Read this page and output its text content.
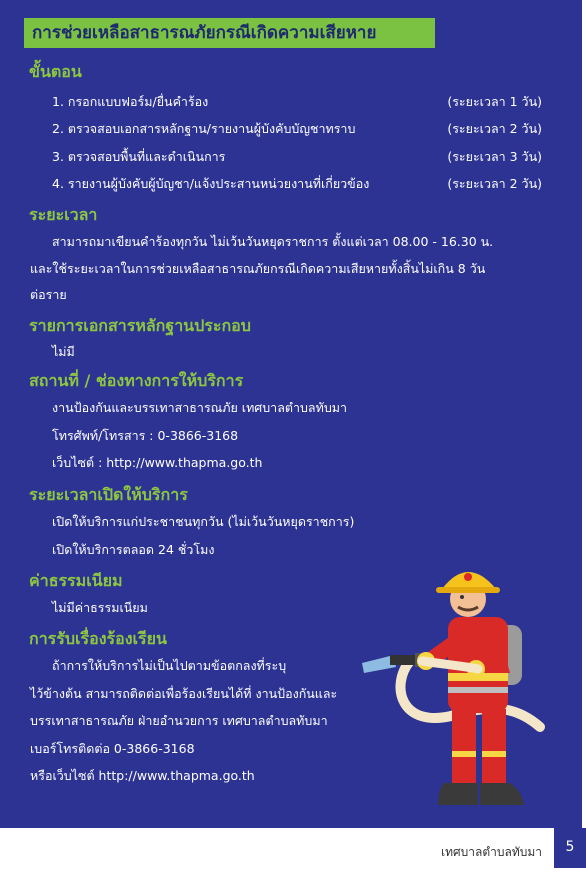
การช่วยเหลือสาธารณภัยกรณีเกิดความเสียหาย
ขั้นตอน
1. กรอกแบบฟอร์ม/ยื่นคำร้อง	(ระยะเวลา 1 วัน)
2. ตรวจสอบเอกสารหลักฐาน/รายงานผู้บังคับบัญชาทราบ	(ระยะเวลา 2 วัน)
3. ตรวจสอบพื้นที่และดำเนินการ	(ระยะเวลา 3 วัน)
4. รายงานผู้บังคับผู้บัญชา/แจ้งประสานหน่วยงานที่เกี่ยวข้อง	(ระยะเวลา 2 วัน)
ระยะเวลา
สามารถมาเขียนคำร้องทุกวัน ไม่เว้นวันหยุดราชการ ตั้งแต่เวลา 08.00 - 16.30 น.
และใช้ระยะเวลาในการช่วยเหลือสาธารณภัยกรณีเกิดความเสียหายทั้งสิ้นไม่เกิน 8 วัน
ต่อราย
รายการเอกสารหลักฐานประกอบ
ไม่มี
สถานที่ / ช่องทางการให้บริการ
งานป้องกันและบรรเทาสาธารณภัย เทศบาลตำบลทับมา
โทรศัพท์/โทรสาร : 0-3866-3168
เว็บไซต์ : http://www.thapma.go.th
ระยะเวลาเปิดให้บริการ
เปิดให้บริการแก่ประชาชนทุกวัน (ไม่เว้นวันหยุดราชการ)
เปิดให้บริการตลอด 24 ชั่วโมง
ค่าธรรมเนียม
ไม่มีค่าธรรมเนียม
การรับเรื่องร้องเรียน
ถ้าการให้บริการไม่เป็นไปตามข้อตกลงที่ระบุ
ไว้ข้างต้น สามารถติดต่อเพื่อร้องเรียนได้ที่ งานป้องกันและ
บรรเทาสาธารณภัย ฝ่ายอำนวยการ เทศบาลตำบลทับมา
เบอร์โทรติดต่อ 0-3866-3168
หรือเว็บไซต์ http://www.thapma.go.th
เทศบาลตำบลทับมา	5
